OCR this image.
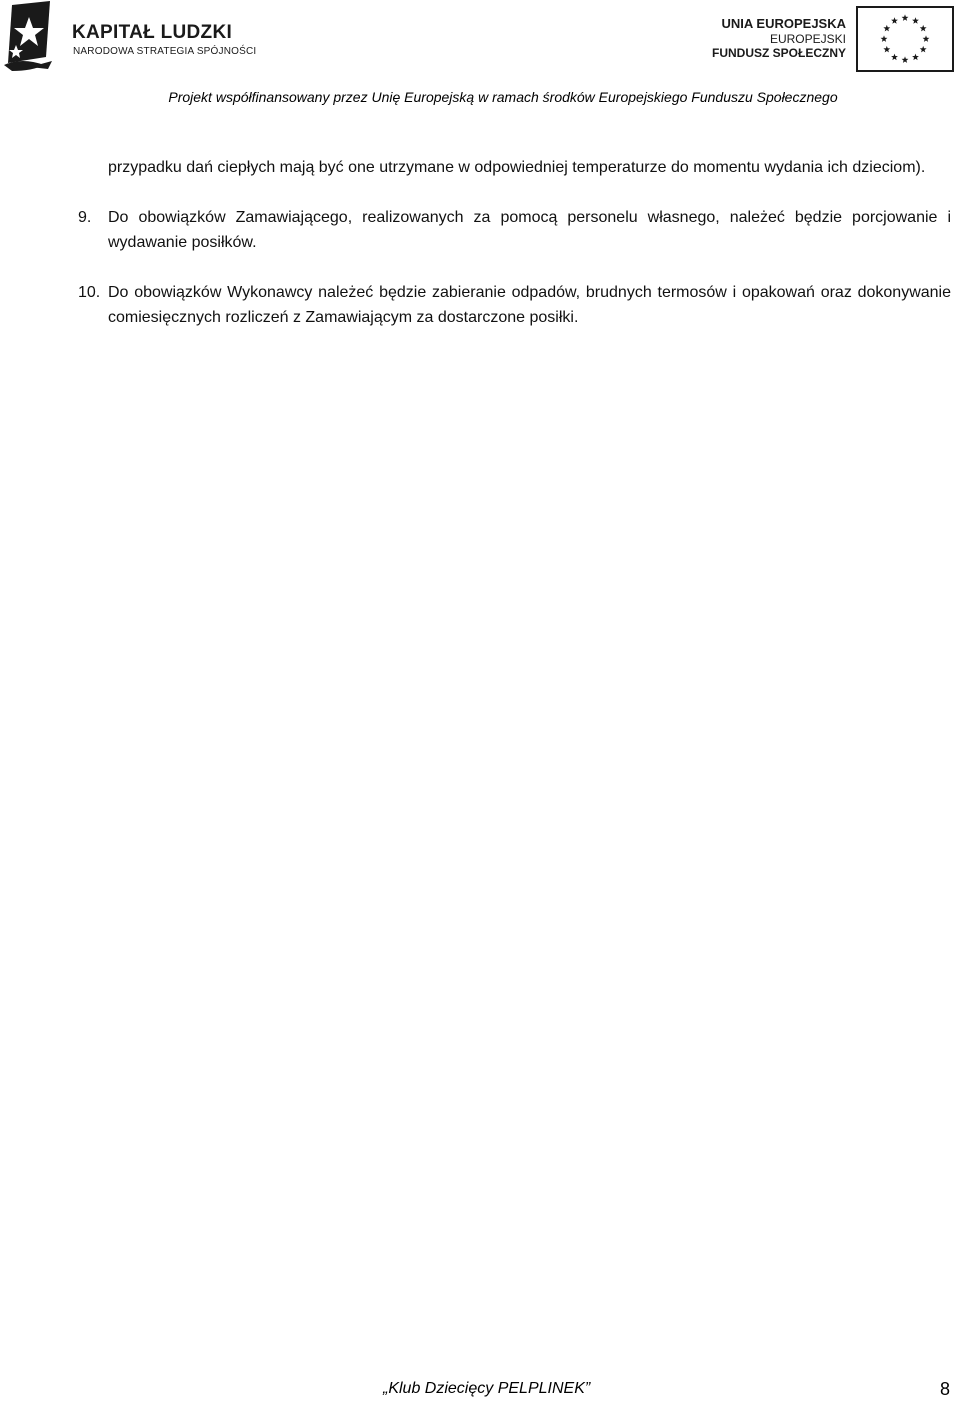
KAPITAŁ LUDZKI
NARODOWA STRATEGIA SPÓJNOŚCI
UNIA EUROPEJSKA
EUROPEJSKI
FUNDUSZ SPOŁECZNY
Projekt współfinansowany przez Unię Europejską w ramach środków Europejskiego Funduszu Społecznego

przypadku dań ciepłych mają być one utrzymane w odpowiedniej temperaturze do momentu wydania ich dzieciom).

9. Do obowiązków Zamawiającego, realizowanych za pomocą personelu własnego, należeć będzie porcjowanie i wydawanie posiłków.
10. Do obowiązków Wykonawcy należeć będzie zabieranie odpadów, brudnych termosów i opakowań oraz dokonywanie comiesięcznych rozliczeń z Zamawiającym za dostarczone posiłki.
„Klub Dziecięcy PELPLINEK”	8
